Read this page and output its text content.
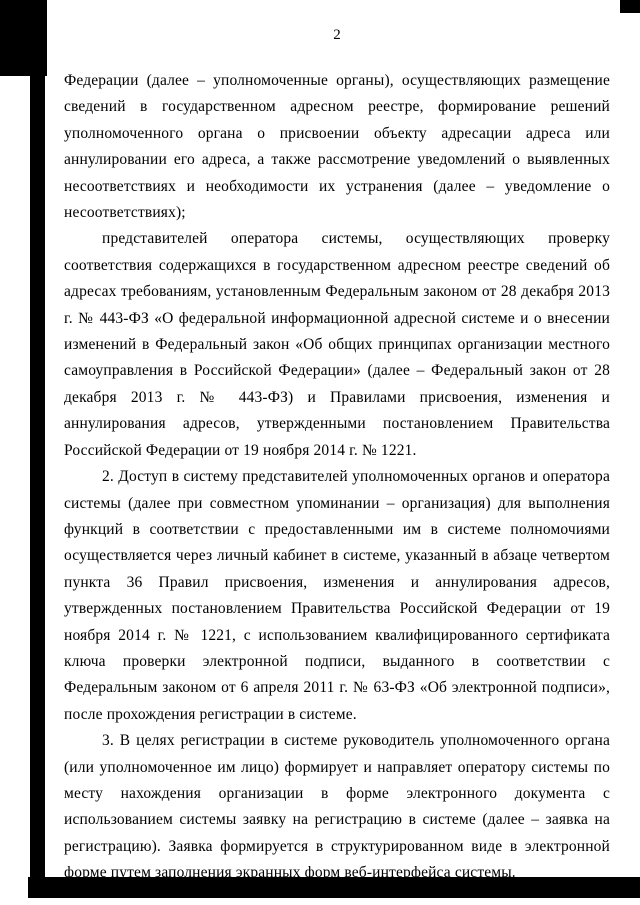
2

Федерации (далее – уполномоченные органы), осуществляющих размещение сведений в государственном адресном реестре, формирование решений уполномоченного органа о присвоении объекту адресации адреса или аннулировании его адреса, а также рассмотрение уведомлений о выявленных несоответствиях и необходимости их устранения (далее – уведомление о несоответствиях);

представителей оператора системы, осуществляющих проверку соответствия содержащихся в государственном адресном реестре сведений об адресах требованиям, установленным Федеральным законом от 28 декабря 2013 г. № 443-ФЗ «О федеральной информационной адресной системе и о внесении изменений в Федеральный закон «Об общих принципах организации местного самоуправления в Российской Федерации» (далее – Федеральный закон от 28 декабря 2013 г. № 443-ФЗ) и Правилами присвоения, изменения и аннулирования адресов, утвержденными постановлением Правительства Российской Федерации от 19 ноября 2014 г. № 1221.

2. Доступ в систему представителей уполномоченных органов и оператора системы (далее при совместном упоминании – организация) для выполнения функций в соответствии с предоставленными им в системе полномочиями осуществляется через личный кабинет в системе, указанный в абзаце четвертом пункта 36 Правил присвоения, изменения и аннулирования адресов, утвержденных постановлением Правительства Российской Федерации от 19 ноября 2014 г. № 1221, с использованием квалифицированного сертификата ключа проверки электронной подписи, выданного в соответствии с Федеральным законом от 6 апреля 2011 г. № 63-ФЗ «Об электронной подписи», после прохождения регистрации в системе.

3. В целях регистрации в системе руководитель уполномоченного органа (или уполномоченное им лицо) формирует и направляет оператору системы по месту нахождения организации в форме электронного документа с использованием системы заявку на регистрацию в системе (далее – заявка на регистрацию). Заявка формируется в структурированном виде в электронной форме путем заполнения экранных форм веб-интерфейса системы.
